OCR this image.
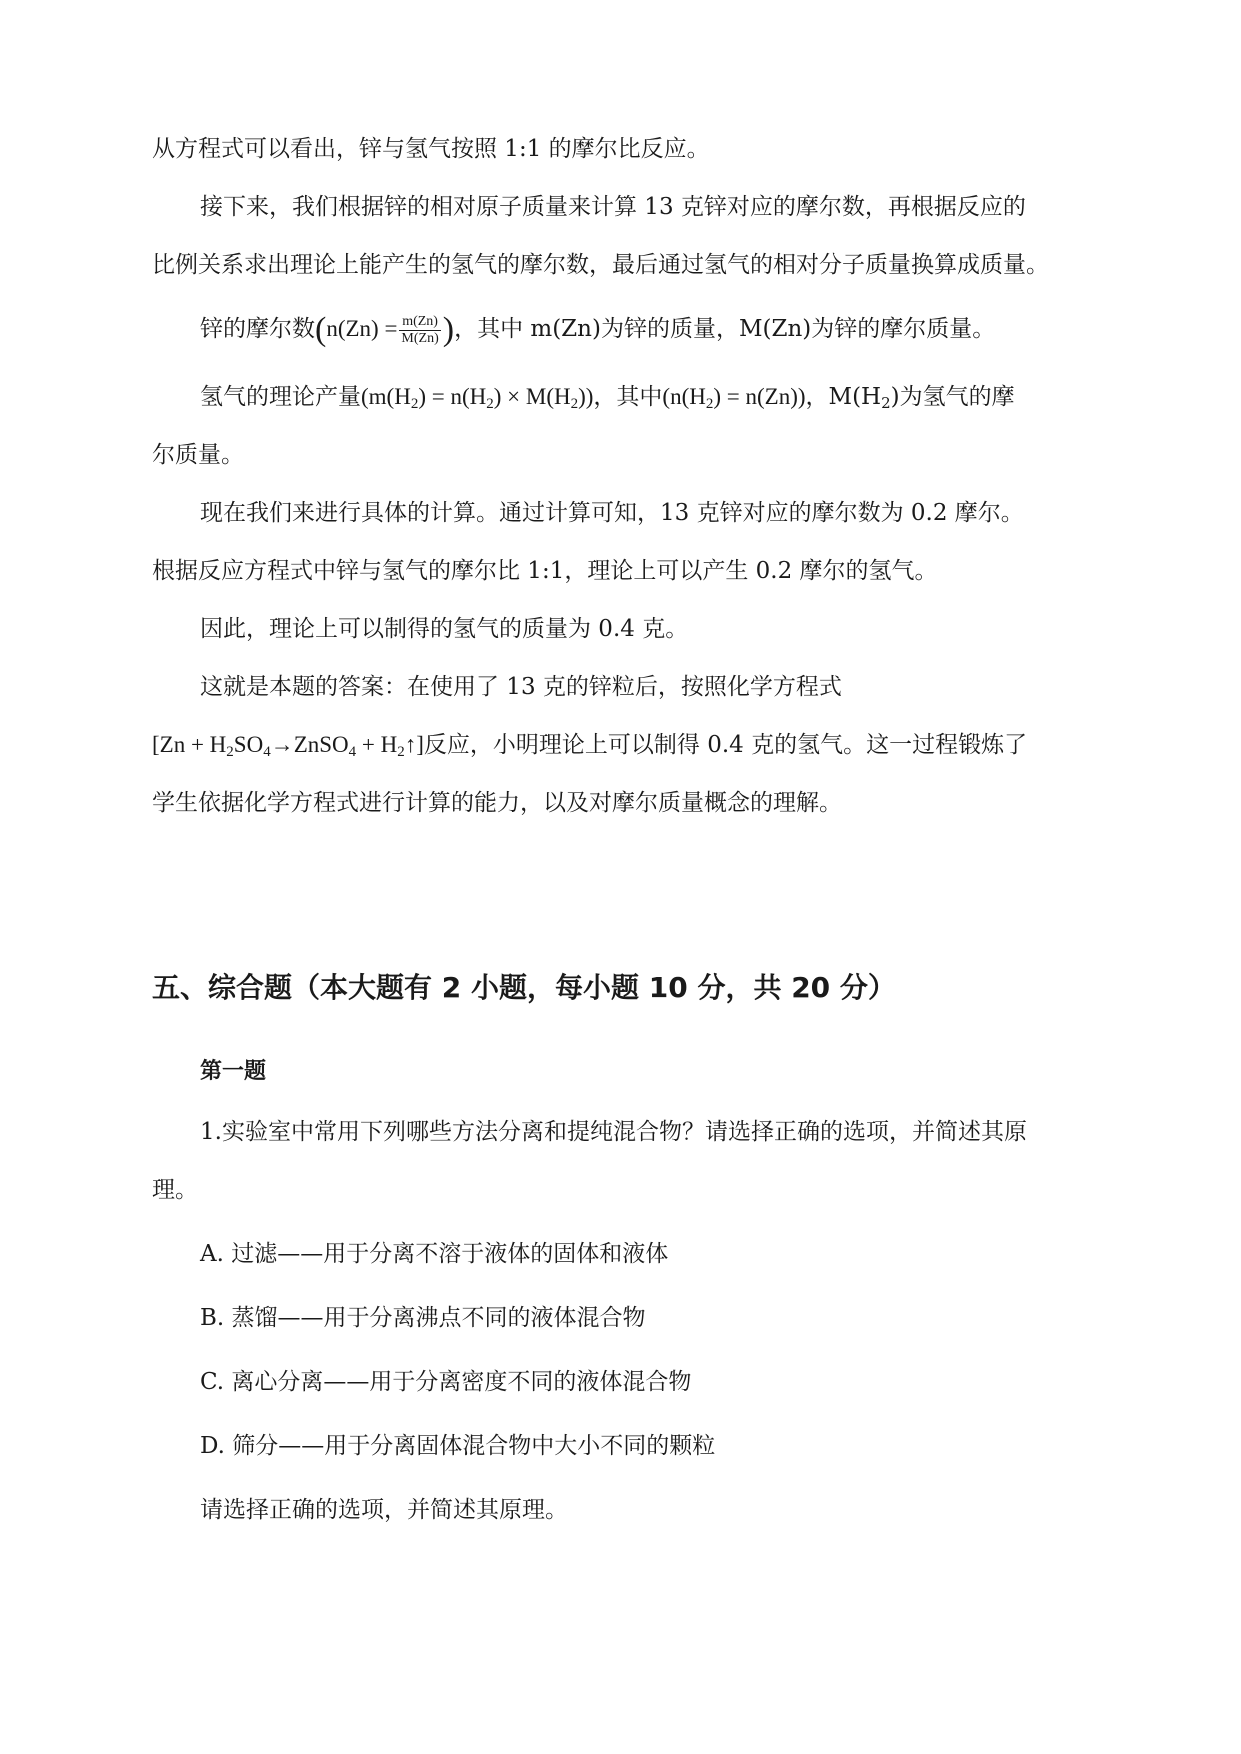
从方程式可以看出，锌与氢气按照 1:1 的摩尔比反应。
接下来，我们根据锌的相对原子质量来计算 13 克锌对应的摩尔数，再根据反应的
比例关系求出理论上能产生的氢气的摩尔数，最后通过氢气的相对分子质量换算成质量。
锌的摩尔数($n(Zn) = \frac{m(Zn)}{M(Zn)}$ )，其中 m(Zn)为锌的质量，M(Zn)为锌的摩尔质量。
氢气的理论产量$(m(H_2) = n(H_2) \times M(H_2))$，其中$(n(H_2) = n(Zn))$，$M(H_2)$为氢气的摩
尔质量。
现在我们来进行具体的计算。通过计算可知，13 克锌对应的摩尔数为 0.2 摩尔。
根据反应方程式中锌与氢气的摩尔比 1:1，理论上可以产生 0.2 摩尔的氢气。
因此，理论上可以制得的氢气的质量为 0.4 克。
这就是本题的答案：在使用了 13 克的锌粒后，按照化学方程式
[$Zn + H_2SO_4\to ZnSO_4$ + $H_2↑$]反应，小明理论上可以制得 0.4 克的氢气。这一过程锻炼了
学生依据化学方程式进行计算的能力，以及对摩尔质量概念的理解。
五、综合题（本大题有 2 小题，每小题 10 分，共 20 分）
第一题
1.实验室中常用下列哪些方法分离和提纯混合物？请选择正确的选项，并简述其原
理。
A. 过滤——用于分离不溶于液体的固体和液体
B. 蒸馏——用于分离沸点不同的液体混合物
C. 离心分离——用于分离密度不同的液体混合物
D. 筛分——用于分离固体混合物中大小不同的颗粒
请选择正确的选项，并简述其原理。
